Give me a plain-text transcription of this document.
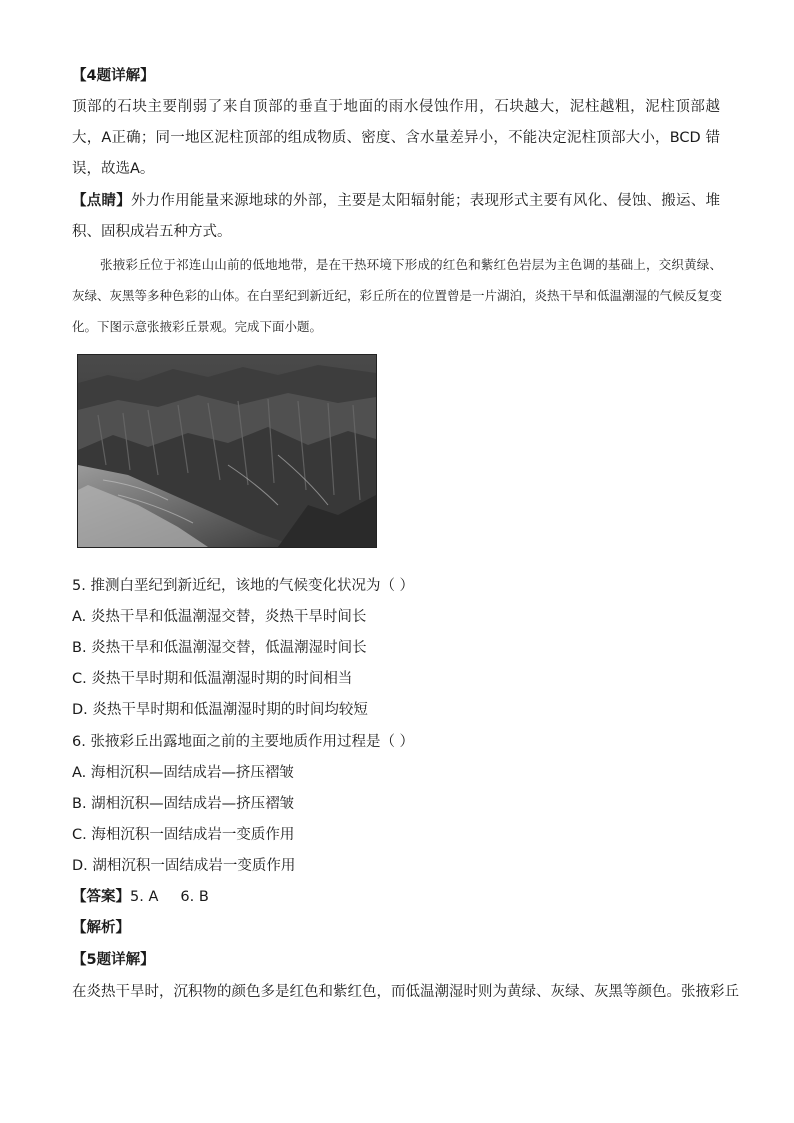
【4题详解】
顶部的石块主要削弱了来自顶部的垂直于地面的雨水侵蚀作用，石块越大，泥柱越粗，泥柱顶部越大，A正确；同一地区泥柱顶部的组成物质、密度、含水量差异小，不能决定泥柱顶部大小，BCD 错误，故选A。
【点睛】外力作用能量来源地球的外部，主要是太阳辐射能；表现形式主要有风化、侵蚀、搬运、堆积、固积成岩五种方式。
张掖彩丘位于祁连山山前的低地地带，是在干热环境下形成的红色和紫红色岩层为主色调的基础上，交织黄绿、灰绿、灰黑等多种色彩的山体。在白垩纪到新近纪，彩丘所在的位置曾是一片湖泊，炎热干旱和低温潮湿的气候反复变化。下图示意张掖彩丘景观。完成下面小题。
5. 推测白垩纪到新近纪，该地的气候变化状况为（ ）
A. 炎热干旱和低温潮湿交替，炎热干旱时间长
B. 炎热干旱和低温潮湿交替，低温潮湿时间长
C. 炎热干旱时期和低温潮湿时期的时间相当
D. 炎热干旱时期和低温潮湿时期的时间均较短
6. 张掖彩丘出露地面之前的主要地质作用过程是（ ）
A. 海相沉积—固结成岩—挤压褶皱
B. 湖相沉积—固结成岩—挤压褶皱
C. 海相沉积一固结成岩一变质作用
D. 湖相沉积一固结成岩一变质作用
【答案】5. A 6. B
【解析】
【5题详解】
在炎热干旱时，沉积物的颜色多是红色和紫红色，而低温潮湿时则为黄绿、灰绿、灰黑等颜色。张掖彩丘
